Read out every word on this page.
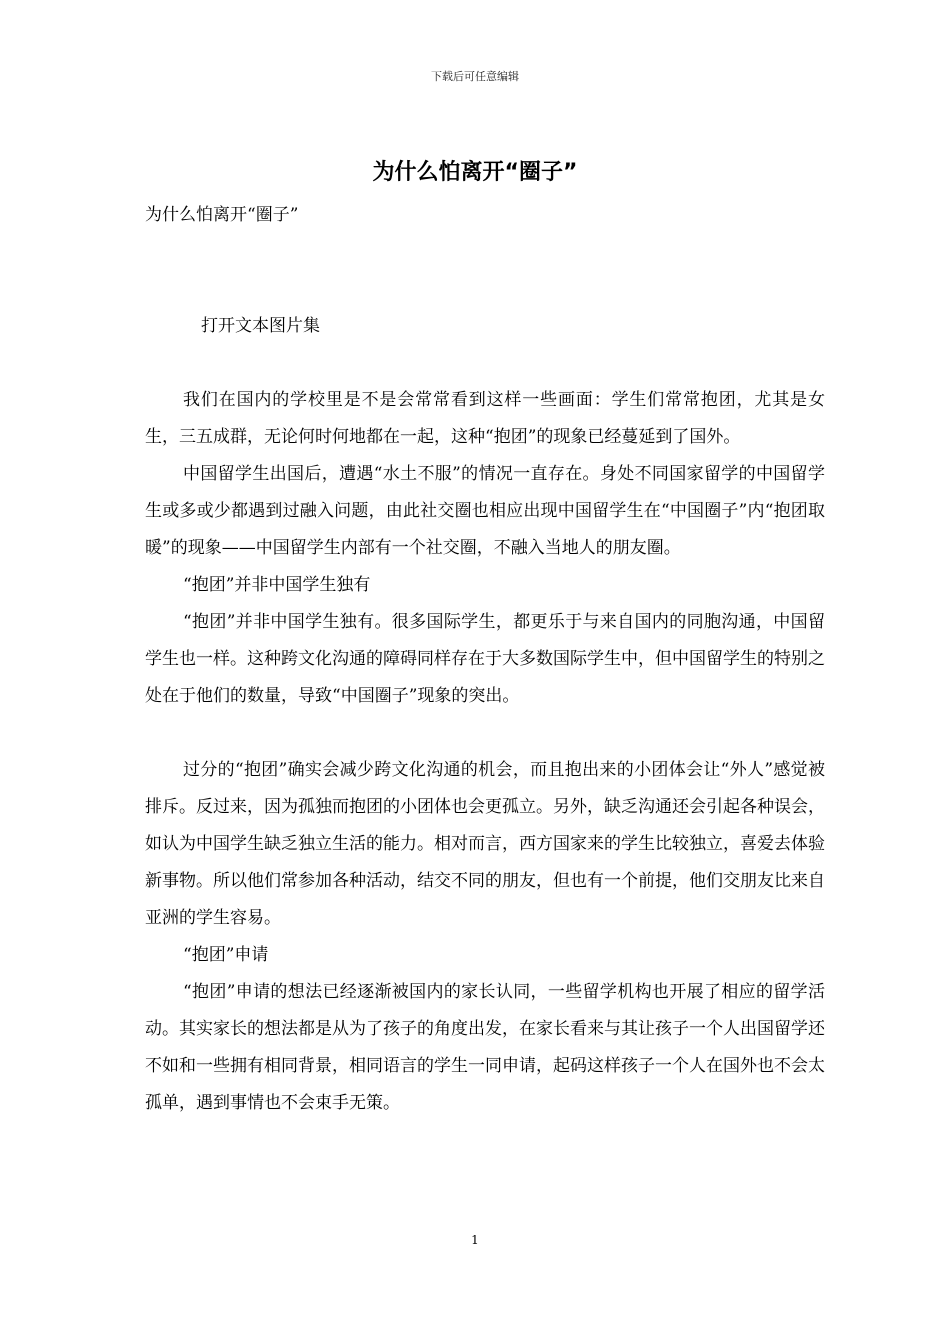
下载后可任意编辑
为什么怕离开“圈子”

为什么怕离开“圈子”

打开文本图片集

我们在国内的学校里是不是会常常看到这样一些画面：学生们常常抱团，尤其是女生，三五成群，无论何时何地都在一起，这种“抱团”的现象已经蔓延到了国外。

中国留学生出国后，遭遇“水土不服”的情况一直存在。身处不同国家留学的中国留学生或多或少都遇到过融入问题，由此社交圈也相应出现中国留学生在“中国圈子”内“抱团取暖”的现象——中国留学生内部有一个社交圈，不融入当地人的朋友圈。

“抱团”并非中国学生独有

“抱团”并非中国学生独有。很多国际学生，都更乐于与来自国内的同胞沟通，中国留学生也一样。这种跨文化沟通的障碍同样存在于大多数国际学生中，但中国留学生的特别之处在于他们的数量，导致“中国圈子”现象的突出。

过分的“抱团”确实会减少跨文化沟通的机会，而且抱出来的小团体会让“外人”感觉被排斥。反过来，因为孤独而抱团的小团体也会更孤立。另外，缺乏沟通还会引起各种误会，如认为中国学生缺乏独立生活的能力。相对而言，西方国家来的学生比较独立，喜爱去体验新事物。所以他们常参加各种活动，结交不同的朋友，但也有一个前提，他们交朋友比来自亚洲的学生容易。

“抱团”申请

“抱团”申请的想法已经逐渐被国内的家长认同，一些留学机构也开展了相应的留学活动。其实家长的想法都是从为了孩子的角度出发，在家长看来与其让孩子一个人出国留学还不如和一些拥有相同背景，相同语言的学生一同申请，起码这样孩子一个人在国外也不会太孤单，遇到事情也不会束手无策。

1
